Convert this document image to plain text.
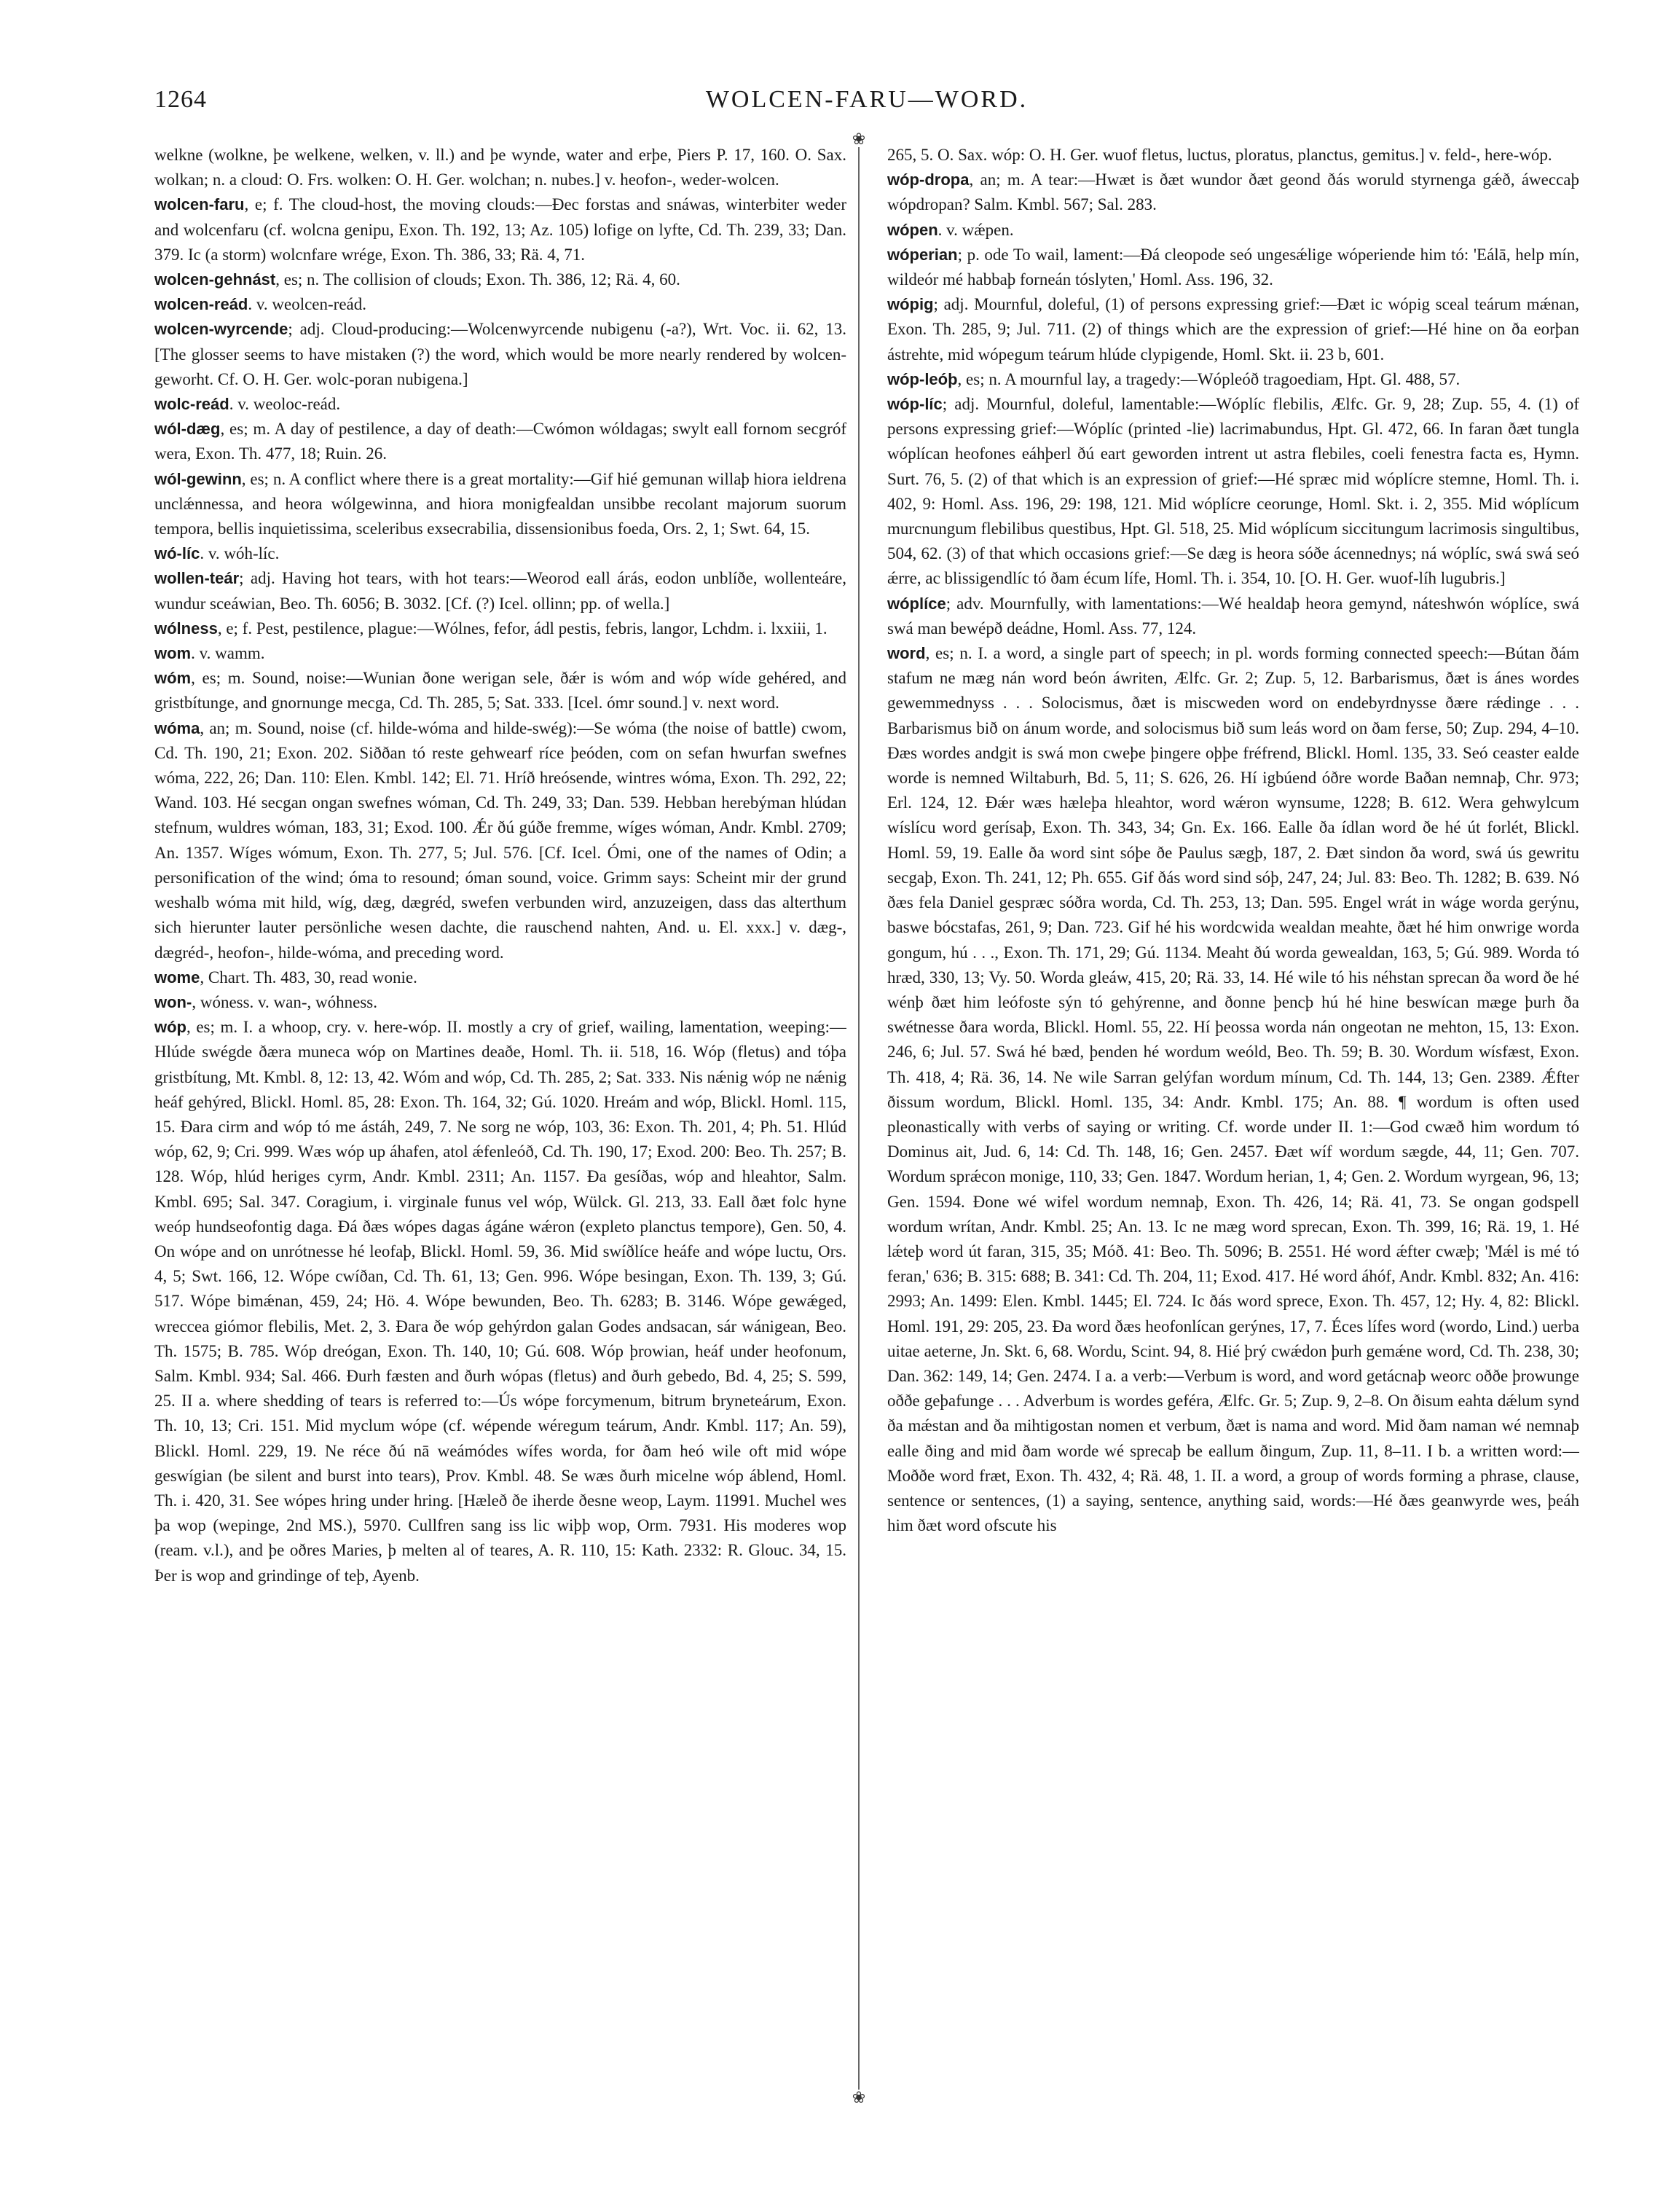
1264	WOLCEN-FARU—WORD.
❀
❀

welkne (wolkne, þe welkene, welken, v. ll.) and þe wynde, water and erþe, Piers P. 17, 160. O. Sax. wolkan; n. a cloud: O. Frs. wolken: O. H. Ger. wolchan; n. nubes.] v. heofon-, weder-wolcen.

wolcen-faru, e; f. The cloud-host, the moving clouds:—Ðec forstas and snáwas, winterbiter weder and wolcenfaru (cf. wolcna genipu, Exon. Th. 192, 13; Az. 105) lofige on lyfte, Cd. Th. 239, 33; Dan. 379. Ic (a storm) wolcnfare wrége, Exon. Th. 386, 33; Rä. 4, 71.

wolcen-gehnást, es; n. The collision of clouds; Exon. Th. 386, 12; Rä. 4, 60.

wolcen-reád. v. weolcen-reád.

wolcen-wyrcende; adj. Cloud-producing:—Wolcenwyrcende nubigenu (-a?), Wrt. Voc. ii. 62, 13. [The glosser seems to have mistaken (?) the word, which would be more nearly rendered by wolcen-geworht. Cf. O. H. Ger. wolc-poran nubigena.]

wolc-reád. v. weoloc-reád.

wól-dæg, es; m. A day of pestilence, a day of death:—Cwómon wóldagas; swylt eall fornom secgróf wera, Exon. Th. 477, 18; Ruin. 26.

wól-gewinn, es; n. A conflict where there is a great mortality:—Gif hié gemunan willaþ hiora ieldrena unclǽnnessa, and heora wólgewinna, and hiora monigfealdan unsibbe recolant majorum suorum tempora, bellis inquietissima, sceleribus exsecrabilia, dissensionibus foeda, Ors. 2, 1; Swt. 64, 15.

wó-líc. v. wóh-líc.

wollen-teár; adj. Having hot tears, with hot tears:—Weorod eall árás, eodon unblíðe, wollenteáre, wundur sceáwian, Beo. Th. 6056; B. 3032. [Cf. (?) Icel. ollinn; pp. of wella.]

wólness, e; f. Pest, pestilence, plague:—Wólnes, fefor, ádl pestis, febris, langor, Lchdm. i. lxxiii, 1.

wom. v. wamm.

wóm, es; m. Sound, noise:—Wunian ðone werigan sele, ðǽr is wóm and wóp wíde gehéred, and gristbítunge, and gnornunge mecga, Cd. Th. 285, 5; Sat. 333. [Icel. ómr sound.] v. next word.

wóma, an; m. Sound, noise (cf. hilde-wóma and hilde-swég):—Se wóma (the noise of battle) cwom, Cd. Th. 190, 21; Exon. 202. Siððan tó reste gehwearf ríce þeóden, com on sefan hwurfan swefnes wóma, 222, 26; Dan. 110: Elen. Kmbl. 142; El. 71. Hríð hreósende, wintres wóma, Exon. Th. 292, 22; Wand. 103. Hé secgan ongan swefnes wóman, Cd. Th. 249, 33; Dan. 539. Hebban herebýman hlúdan stefnum, wuldres wóman, 183, 31; Exod. 100. Ǽr ðú gúðe fremme, wíges wóman, Andr. Kmbl. 2709; An. 1357. Wíges wómum, Exon. Th. 277, 5; Jul. 576. [Cf. Icel. Ómi, one of the names of Odin; a personification of the wind; óma to resound; óman sound, voice. Grimm says: Scheint mir der grund weshalb wóma mit hild, wíg, dæg, dægréd, swefen verbunden wird, anzuzeigen, dass das alterthum sich hierunter lauter persönliche wesen dachte, die rauschend nahten, And. u. El. xxx.] v. dæg-, dægréd-, heofon-, hilde-wóma, and preceding word.

wome, Chart. Th. 483, 30, read wonie.

won-, wóness. v. wan-, wóhness.

wóp, es; m. I. a whoop, cry. v. here-wóp. II. mostly a cry of grief, wailing, lamentation, weeping:—Hlúde swégde ðæra muneca wóp on Martines deaðe, Homl. Th. ii. 518, 16. Wóp (fletus) and tóþa gristbítung, Mt. Kmbl. 8, 12: 13, 42. Wóm and wóp, Cd. Th. 285, 2; Sat. 333. Nis nǽnig wóp ne nǽnig heáf gehýred, Blickl. Homl. 85, 28: Exon. Th. 164, 32; Gú. 1020. Hreám and wóp, Blickl. Homl. 115, 15. Ðara cirm and wóp tó me ástáh, 249, 7. Ne sorg ne wóp, 103, 36: Exon. Th. 201, 4; Ph. 51. Hlúd wóp, 62, 9; Cri. 999. Wæs wóp up áhafen, atol ǽfenleóð, Cd. Th. 190, 17; Exod. 200: Beo. Th. 257; B. 128. Wóp, hlúd heriges cyrm, Andr. Kmbl. 2311; An. 1157. Ða gesíðas, wóp and hleahtor, Salm. Kmbl. 695; Sal. 347. Coragium, i. virginale funus vel wóp, Wülck. Gl. 213, 33. Eall ðæt folc hyne weóp hundseofontig daga. Ðá ðæs wópes dagas ágáne wǽron (expleto planctus tempore), Gen. 50, 4. On wópe and on unrótnesse hé leofaþ, Blickl. Homl. 59, 36. Mid swíðlíce heáfe and wópe luctu, Ors. 4, 5; Swt. 166, 12. Wópe cwíðan, Cd. Th. 61, 13; Gen. 996. Wópe besingan, Exon. Th. 139, 3; Gú. 517. Wópe bimǽnan, 459, 24; Hö. 4. Wópe bewunden, Beo. Th. 6283; B. 3146. Wópe gewǽged, wreccea giómor flebilis, Met. 2, 3. Ðara ðe wóp gehýrdon galan Godes andsacan, sár wánigean, Beo. Th. 1575; B. 785. Wóp dreógan, Exon. Th. 140, 10; Gú. 608. Wóp þrowian, heáf under heofonum, Salm. Kmbl. 934; Sal. 466. Ðurh fæsten and ðurh wópas (fletus) and ðurh gebedo, Bd. 4, 25; S. 599, 25. II a. where shedding of tears is referred to:—Ús wópe forcymenum, bitrum bryneteárum, Exon. Th. 10, 13; Cri. 151. Mid myclum wópe (cf. wépende wéregum teárum, Andr. Kmbl. 117; An. 59), Blickl. Homl. 229, 19. Ne réce ðú nā weámódes wífes worda, for ðam heó wile oft mid wópe geswígian (be silent and burst into tears), Prov. Kmbl. 48. Se wæs ðurh micelne wóp áblend, Homl. Th. i. 420, 31. See wópes hring under hring. [Hæleð ðe iherde ðesne weop, Laym. 11991. Muchel wes þa wop (wepinge, 2nd MS.), 5970. Cullfren sang iss lic wiþþ wop, Orm. 7931. His moderes wop (ream. v.l.), and þe oðres Maries, þ melten al of teares, A. R. 110, 15: Kath. 2332: R. Glouc. 34, 15. Þer is wop and grindinge of teþ, Ayenb.

265, 5. O. Sax. wóp: O. H. Ger. wuof fletus, luctus, ploratus, planctus, gemitus.] v. feld-, here-wóp.

wóp-dropa, an; m. A tear:—Hwæt is ðæt wundor ðæt geond ðás woruld styrnenga gǽð, áweccaþ wópdropan? Salm. Kmbl. 567; Sal. 283.

wópen. v. wǽpen.

wóperian; p. ode To wail, lament:—Ðá cleopode seó ungesǽlige wóperiende him tó: 'Eálā, help mín, wildeór mé habbaþ forneán tóslyten,' Homl. Ass. 196, 32.

wópig; adj. Mournful, doleful, (1) of persons expressing grief:—Ðæt ic wópig sceal teárum mǽnan, Exon. Th. 285, 9; Jul. 711. (2) of things which are the expression of grief:—Hé hine on ða eorþan ástrehte, mid wópegum teárum hlúde clypigende, Homl. Skt. ii. 23 b, 601.

wóp-leóþ, es; n. A mournful lay, a tragedy:—Wópleóð tragoediam, Hpt. Gl. 488, 57.

wóp-líc; adj. Mournful, doleful, lamentable:—Wóplíc flebilis, Ælfc. Gr. 9, 28; Zup. 55, 4. (1) of persons expressing grief:—Wóplíc (printed -lie) lacrimabundus, Hpt. Gl. 472, 66. In faran ðæt tungla wóplícan heofones eáhþerl ðú eart geworden intrent ut astra flebiles, coeli fenestra facta es, Hymn. Surt. 76, 5. (2) of that which is an expression of grief:—Hé spræc mid wóplícre stemne, Homl. Th. i. 402, 9: Homl. Ass. 196, 29: 198, 121. Mid wóplícre ceorunge, Homl. Skt. i. 2, 355. Mid wóplícum murcnungum flebilibus questibus, Hpt. Gl. 518, 25. Mid wóplícum siccitungum lacrimosis singultibus, 504, 62. (3) of that which occasions grief:—Se dæg is heora sóðe ácennednys; ná wóplíc, swá swá seó ǽrre, ac blissigendlíc tó ðam écum lífe, Homl. Th. i. 354, 10. [O. H. Ger. wuof-líh lugubris.]

wóplíce; adv. Mournfully, with lamentations:—Wé healdaþ heora gemynd, náteshwón wóplíce, swá swá man bewépð deádne, Homl. Ass. 77, 124.

word, es; n. I. a word, a single part of speech; in pl. words forming connected speech:—Bútan ðám stafum ne mæg nán word beón áwriten, Ælfc. Gr. 2; Zup. 5, 12. Barbarismus, ðæt is ánes wordes gewemmednyss . . . Solocismus, ðæt is miscweden word on endebyrdnysse ðære rǽdinge . . . Barbarismus bið on ánum worde, and solocismus bið sum leás word on ðam ferse, 50; Zup. 294, 4–10. Ðæs wordes andgit is swá mon cweþe þingere oþþe fréfrend, Blickl. Homl. 135, 33. Seó ceaster ealde worde is nemned Wiltaburh, Bd. 5, 11; S. 626, 26. Hí igbúend óðre worde Baðan nemnaþ, Chr. 973; Erl. 124, 12. Ðǽr wæs hæleþa hleahtor, word wǽron wynsume, 1228; B. 612. Wera gehwylcum wíslícu word gerísaþ, Exon. Th. 343, 34; Gn. Ex. 166. Ealle ða ídlan word ðe hé út forlét, Blickl. Homl. 59, 19. Ealle ða word sint sóþe ðe Paulus sægþ, 187, 2. Ðæt sindon ða word, swá ús gewritu secgaþ, Exon. Th. 241, 12; Ph. 655. Gif ðás word sind sóþ, 247, 24; Jul. 83: Beo. Th. 1282; B. 639. Nó ðæs fela Daniel gespræc sóðra worda, Cd. Th. 253, 13; Dan. 595. Engel wrát in wáge worda gerýnu, baswe bócstafas, 261, 9; Dan. 723. Gif hé his wordcwida wealdan meahte, ðæt hé him onwrige worda gongum, hú . . ., Exon. Th. 171, 29; Gú. 1134. Meaht ðú worda gewealdan, 163, 5; Gú. 989. Worda tó hræd, 330, 13; Vy. 50. Worda gleáw, 415, 20; Rä. 33, 14. Hé wile tó his néhstan sprecan ða word ðe hé wénþ ðæt him leófoste sýn tó gehýrenne, and ðonne þencþ hú hé hine beswícan mæge þurh ða swétnesse ðara worda, Blickl. Homl. 55, 22. Hí þeossa worda nán ongeotan ne mehton, 15, 13: Exon. 246, 6; Jul. 57. Swá hé bæd, þenden hé wordum weóld, Beo. Th. 59; B. 30. Wordum wísfæst, Exon. Th. 418, 4; Rä. 36, 14. Ne wile Sarran gelýfan wordum mínum, Cd. Th. 144, 13; Gen. 2389. Ǽfter ðissum wordum, Blickl. Homl. 135, 34: Andr. Kmbl. 175; An. 88. ¶ wordum is often used pleonastically with verbs of saying or writing. Cf. worde under II. 1:—God cwæð him wordum tó Dominus ait, Jud. 6, 14: Cd. Th. 148, 16; Gen. 2457. Ðæt wíf wordum sægde, 44, 11; Gen. 707. Wordum sprǽcon monige, 110, 33; Gen. 1847. Wordum herian, 1, 4; Gen. 2. Wordum wyrgean, 96, 13; Gen. 1594. Ðone wé wifel wordum nemnaþ, Exon. Th. 426, 14; Rä. 41, 73. Se ongan godspell wordum wrítan, Andr. Kmbl. 25; An. 13. Ic ne mæg word sprecan, Exon. Th. 399, 16; Rä. 19, 1. Hé lǽteþ word út faran, 315, 35; Móð. 41: Beo. Th. 5096; B. 2551. Hé word ǽfter cwæþ; 'Mǽl is mé tó feran,' 636; B. 315: 688; B. 341: Cd. Th. 204, 11; Exod. 417. Hé word áhóf, Andr. Kmbl. 832; An. 416: 2993; An. 1499: Elen. Kmbl. 1445; El. 724. Ic ðás word sprece, Exon. Th. 457, 12; Hy. 4, 82: Blickl. Homl. 191, 29: 205, 23. Ða word ðæs heofonlícan gerýnes, 17, 7. Éces lífes word (wordo, Lind.) uerba uitae aeterne, Jn. Skt. 6, 68. Wordu, Scint. 94, 8. Hié þrý cwǽdon þurh gemǽne word, Cd. Th. 238, 30; Dan. 362: 149, 14; Gen. 2474. I a. a verb:—Verbum is word, and word getácnaþ weorc oððe þrowunge oððe geþafunge . . . Adverbum is wordes geféra, Ælfc. Gr. 5; Zup. 9, 2–8. On ðisum eahta dǽlum synd ða mǽstan and ða mihtigostan nomen et verbum, ðæt is nama and word. Mid ðam naman wé nemnaþ ealle ðing and mid ðam worde wé sprecaþ be eallum ðingum, Zup. 11, 8–11. I b. a written word:—Moððe word fræt, Exon. Th. 432, 4; Rä. 48, 1. II. a word, a group of words forming a phrase, clause, sentence or sentences, (1) a saying, sentence, anything said, words:—Hé ðæs geanwyrde wes, þeáh him ðæt word ofscute his
